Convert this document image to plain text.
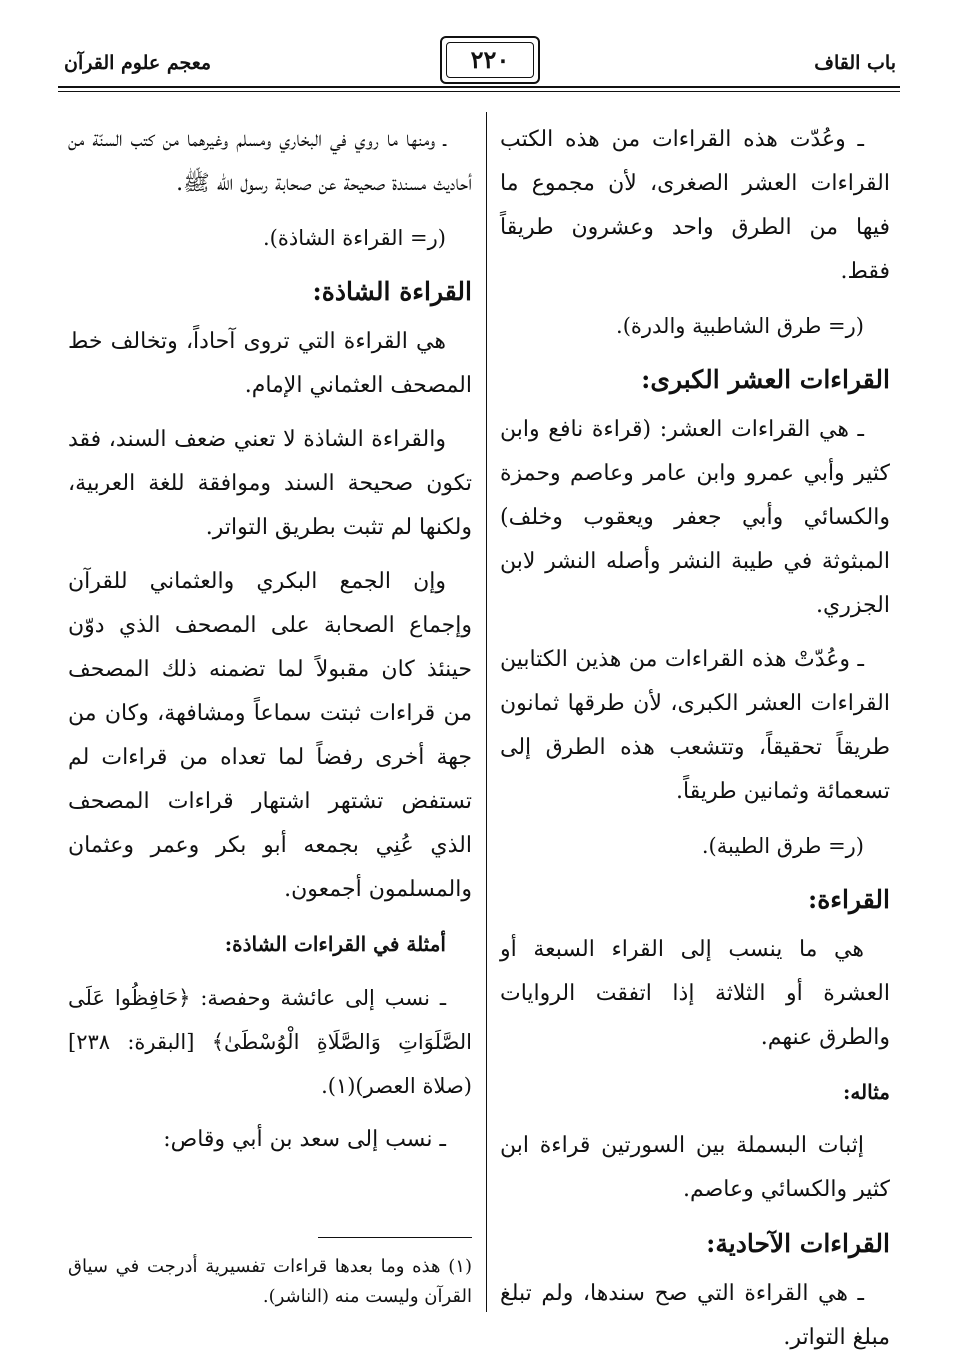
باب القاف
٢٢٠
معجم علوم القرآن

ـ وعُدّت هذه القراءات من هذه الكتب القراءات العشر الصغرى، لأن مجموع ما فيها من الطرق واحد وعشرون طريقاً فقط.

(ر= طرق الشاطبية والدرة).

القراءات العشر الكبرى:

ـ هي القراءات العشر: (قراءة نافع وابن كثير وأبي عمرو وابن عامر وعاصم وحمزة والكسائي وأبي جعفر ويعقوب وخلف) المبثوثة في طيبة النشر وأصله النشر لابن الجزري.

ـ وعُدّتْ هذه القراءات من هذين الكتابين القراءات العشر الكبرى، لأن طرقها ثمانون طريقاً تحقيقاً، وتتشعب هذه الطرق إلى تسعمائة وثمانين طريقاً.

(ر= طرق الطيبة).

القراءة:

هي ما ينسب إلى القراء السبعة أو العشرة أو الثلاثة إذا اتفقت الروايات والطرق عنهم.

مثاله:

إثبات البسملة بين السورتين قراءة ابن كثير والكسائي وعاصم.

القراءات الآحادية:

ـ هي القراءة التي صح سندها، ولم تبلغ مبلغ التواتر.

ـ ومنها ما روي في البخاري ومسلم وغيرهما من كتب السنّة من أحاديث مسندة صحيحة عن صحابة رسول الله ﷺ.

(ر= القراءة الشاذة).

القراءة الشاذة:

هي القراءة التي تروى آحاداً، وتخالف خط المصحف العثماني الإمام.

والقراءة الشاذة لا تعني ضعف السند، فقد تكون صحيحة السند وموافقة للغة العربية، ولكنها لم تثبت بطريق التواتر.

وإن الجمع البكري والعثماني للقرآن وإجماع الصحابة على المصحف الذي دوّن حينئذ كان مقبولاً لما تضمنه ذلك المصحف من قراءات ثبتت سماعاً ومشافهة، وكان من جهة أخرى رفضاً لما تعداه من قراءات لم تستفض تشتهر اشتهار قراءات المصحف الذي عُنِي بجمعه أبو بكر وعمر وعثمان والمسلمون أجمعون.

أمثلة في القراءات الشاذة:

ـ نسب إلى عائشة وحفصة: ﴿حَافِظُوا عَلَى الصَّلَوَاتِ وَالصَّلَاةِ الْوُسْطَىٰ﴾ [البقرة: ٢٣٨] (صلاة العصر)(١).

ـ نسب إلى سعد بن أبي وقاص:

(١) هذه وما بعدها قراءات تفسيرية أدرجت في سياق القرآن وليست منه (الناشر).
